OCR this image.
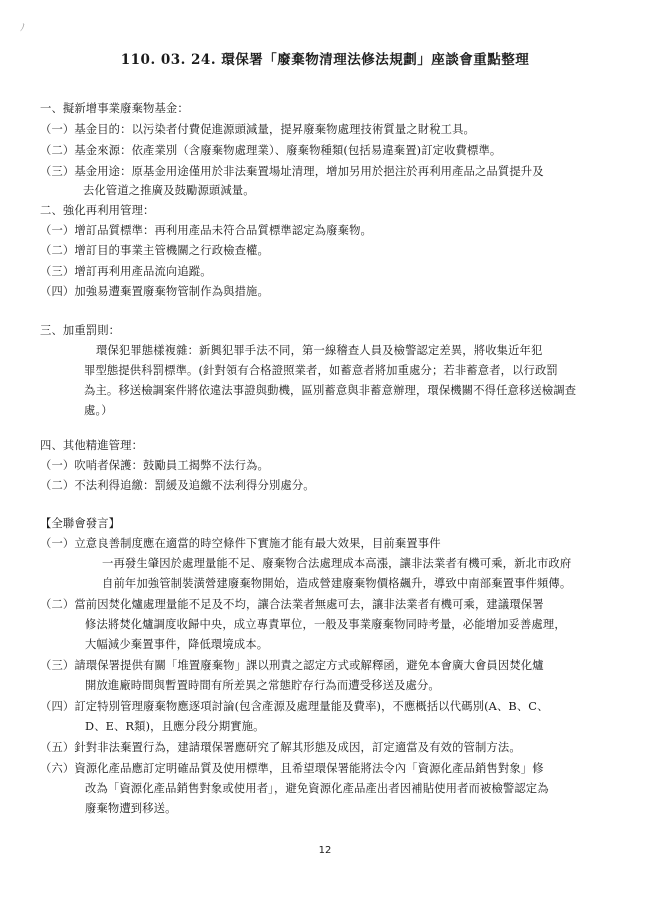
ﾉ
110. 03. 24. 環保署「廢棄物清理法修法規劃」座談會重點整理
一、擬新增事業廢棄物基金：
（一）基金目的：以污染者付費促進源頭減量，提昇廢棄物處理技術質量之財稅工具。
（二）基金來源：依產業別（含廢棄物處理業）、廢棄物種類(包括易違棄置)訂定收費標準。
（三）基金用途：原基金用途僅用於非法棄置場址清理，增加另用於挹注於再利用產品之品質提升及
去化管道之推廣及鼓勵源頭減量。
二、強化再利用管理：
（一）增訂品質標準：再利用產品未符合品質標準認定為廢棄物。
（二）增訂目的事業主管機關之行政檢查權。
（三）增訂再利用產品流向追蹤。
（四）加強易遭棄置廢棄物管制作為與措施。
三、加重罰則：
環保犯罪態樣複雜：新興犯罪手法不同，第一線稽查人員及檢警認定差異，將收集近年犯
罪型態提供科罰標準。(針對領有合格證照業者，如蓄意者將加重處分；若非蓄意者，以行政罰
為主。移送檢調案件將依違法事證與動機，區別蓄意與非蓄意辦理，環保機關不得任意移送檢調查
處。）
四、其他精進管理：
（一）吹哨者保護：鼓勵員工揭弊不法行為。
（二）不法利得追繳：罰緩及追繳不法利得分別處分。
【全聯會發言】
（一）立意良善制度應在適當的時空條件下實施才能有最大效果，目前棄置事件
一再發生肇因於處理量能不足、廢棄物合法處理成本高漲，讓非法業者有機可乘，新北市政府
自前年加強管制裝潢營建廢棄物開始，造成營建廢棄物價格飆升，導致中南部棄置事件頻傳。
（二）當前因焚化爐處理量能不足及不均，讓合法業者無處可去，讓非法業者有機可乘，建議環保署
修法將焚化爐調度收歸中央，成立專責單位，一般及事業廢棄物同時考量，必能增加妥善處理，
大幅減少棄置事件，降低環境成本。
（三）請環保署提供有關「堆置廢棄物」課以刑責之認定方式或解釋函，避免本會廣大會員因焚化爐
開放進廠時間與暫置時間有所差異之常態貯存行為而遭受移送及處分。
（四）訂定特別管理廢棄物應逐項討論(包含產源及處理量能及費率)，不應概括以代碼別(A、B、C、
D、E、R類)，且應分段分期實施。
（五）針對非法棄置行為，建請環保署應研究了解其形態及成因，訂定適當及有效的管制方法。
（六）資源化產品應訂定明確品質及使用標準，且希望環保署能將法令內「資源化產品銷售對象」修
改為「資源化產品銷售對象或使用者」，避免資源化產品產出者因補貼使用者而被檢警認定為
廢棄物遭到移送。
12
